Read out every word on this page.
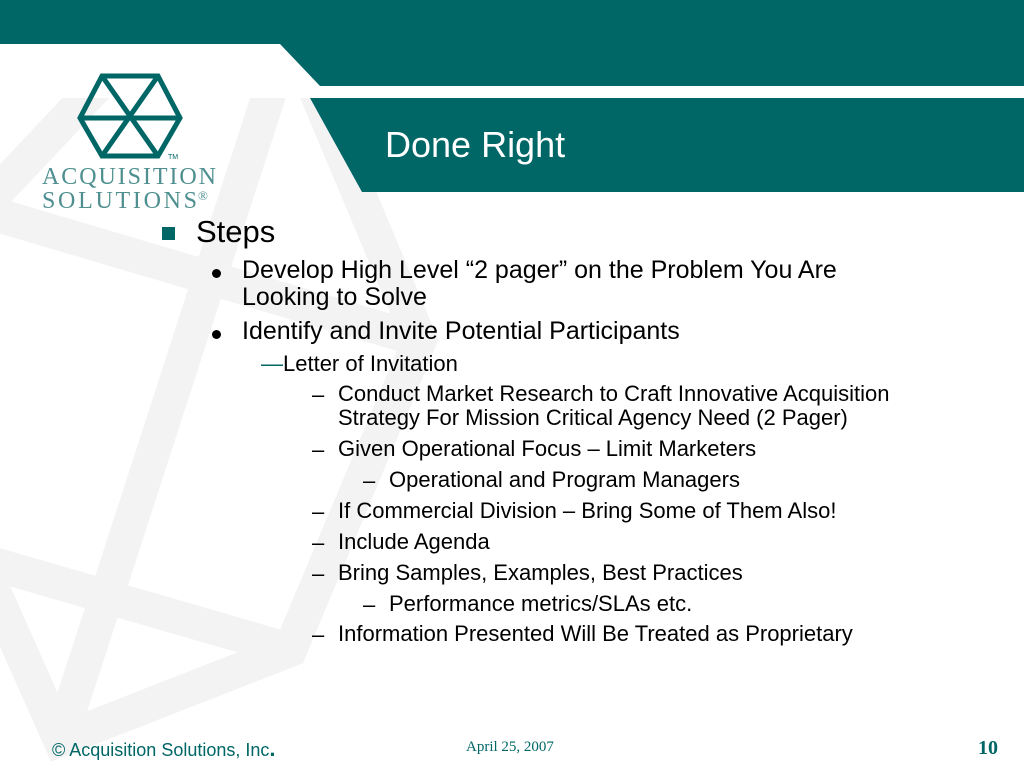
Done Right
TM
ACQUISITION
SOLUTIONS ®
Steps
Develop High Level “2 pager” on the Problem You Are
Looking to Solve
Identify and Invite Potential Participants
—Letter of Invitation
– Conduct Market Research to Craft Innovative Acquisition
Strategy For Mission Critical Agency Need (2 Pager)
– Given Operational Focus – Limit Marketers
– Operational and Program Managers
– If Commercial Division – Bring Some of Them Also!
– Include Agenda
– Bring Samples, Examples, Best Practices
– Performance metrics/SLAs etc.
– Information Presented Will Be Treated as Proprietary
© Acquisition Solutions, Inc.	April 25, 2007	10
